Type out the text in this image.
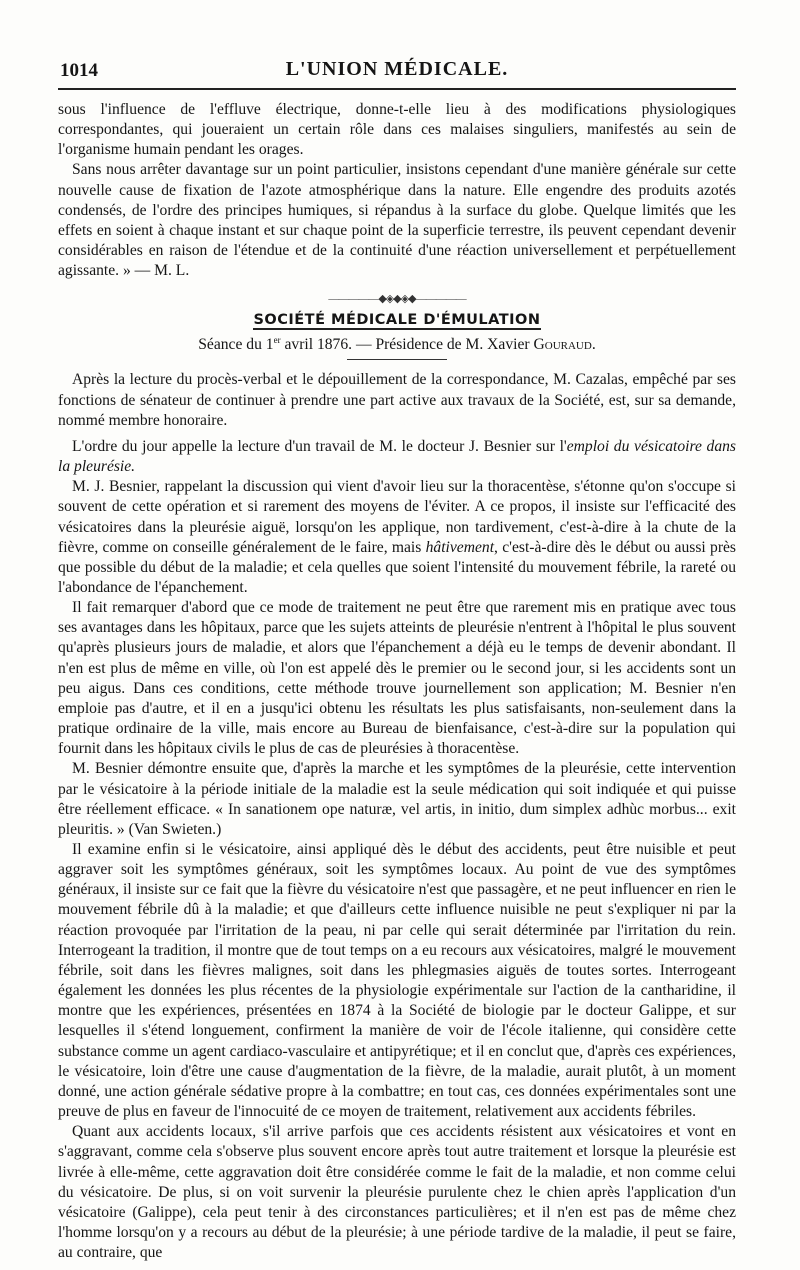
1014	L'UNION MÉDICALE.

sous l'influence de l'effluve électrique, donne-t-elle lieu à des modifications physiologiques correspondantes, qui joueraient un certain rôle dans ces malaises singuliers, manifestés au sein de l'organisme humain pendant les orages.

Sans nous arrêter davantage sur un point particulier, insistons cependant d'une manière générale sur cette nouvelle cause de fixation de l'azote atmosphérique dans la nature. Elle engendre des produits azotés condensés, de l'ordre des principes humiques, si répandus à la surface du globe. Quelque limités que les effets en soient à chaque instant et sur chaque point de la superficie terrestre, ils peuvent cependant devenir considérables en raison de l'étendue et de la continuité d'une réaction universellement et perpétuellement agissante. » — M. L.

—————◆◈◆◈◆—————
SOCIÉTÉ MÉDICALE D'ÉMULATION
Séance du 1er avril 1876. — Présidence de M. Xavier Gouraud.

Après la lecture du procès-verbal et le dépouillement de la correspondance, M. Cazalas, empêché par ses fonctions de sénateur de continuer à prendre une part active aux travaux de la Société, est, sur sa demande, nommé membre honoraire.

L'ordre du jour appelle la lecture d'un travail de M. le docteur J. Besnier sur l'emploi du vésicatoire dans la pleurésie.

M. J. Besnier, rappelant la discussion qui vient d'avoir lieu sur la thoracentèse, s'étonne qu'on s'occupe si souvent de cette opération et si rarement des moyens de l'éviter. A ce propos, il insiste sur l'efficacité des vésicatoires dans la pleurésie aiguë, lorsqu'on les applique, non tardivement, c'est-à-dire à la chute de la fièvre, comme on conseille généralement de le faire, mais hâtivement, c'est-à-dire dès le début ou aussi près que possible du début de la maladie; et cela quelles que soient l'intensité du mouvement fébrile, la rareté ou l'abondance de l'épanchement.

Il fait remarquer d'abord que ce mode de traitement ne peut être que rarement mis en pratique avec tous ses avantages dans les hôpitaux, parce que les sujets atteints de pleurésie n'entrent à l'hôpital le plus souvent qu'après plusieurs jours de maladie, et alors que l'épanchement a déjà eu le temps de devenir abondant. Il n'en est plus de même en ville, où l'on est appelé dès le premier ou le second jour, si les accidents sont un peu aigus. Dans ces conditions, cette méthode trouve journellement son application; M. Besnier n'en emploie pas d'autre, et il en a jusqu'ici obtenu les résultats les plus satisfaisants, non-seulement dans la pratique ordinaire de la ville, mais encore au Bureau de bienfaisance, c'est-à-dire sur la population qui fournit dans les hôpitaux civils le plus de cas de pleurésies à thoracentèse.

M. Besnier démontre ensuite que, d'après la marche et les symptômes de la pleurésie, cette intervention par le vésicatoire à la période initiale de la maladie est la seule médication qui soit indiquée et qui puisse être réellement efficace. « In sanationem ope naturæ, vel artis, in initio, dum simplex adhùc morbus... exit pleuritis. » (Van Swieten.)

Il examine enfin si le vésicatoire, ainsi appliqué dès le début des accidents, peut être nuisible et peut aggraver soit les symptômes généraux, soit les symptômes locaux. Au point de vue des symptômes généraux, il insiste sur ce fait que la fièvre du vésicatoire n'est que passagère, et ne peut influencer en rien le mouvement fébrile dû à la maladie; et que d'ailleurs cette influence nuisible ne peut s'expliquer ni par la réaction provoquée par l'irritation de la peau, ni par celle qui serait déterminée par l'irritation du rein. Interrogeant la tradition, il montre que de tout temps on a eu recours aux vésicatoires, malgré le mouvement fébrile, soit dans les fièvres malignes, soit dans les phlegmasies aiguës de toutes sortes. Interrogeant également les données les plus récentes de la physiologie expérimentale sur l'action de la cantharidine, il montre que les expériences, présentées en 1874 à la Société de biologie par le docteur Galippe, et sur lesquelles il s'étend longuement, confirment la manière de voir de l'école italienne, qui considère cette substance comme un agent cardiaco-vasculaire et antipyrétique; et il en conclut que, d'après ces expériences, le vésicatoire, loin d'être une cause d'augmentation de la fièvre, de la maladie, aurait plutôt, à un moment donné, une action générale sédative propre à la combattre; en tout cas, ces données expérimentales sont une preuve de plus en faveur de l'innocuité de ce moyen de traitement, relativement aux accidents fébriles.

Quant aux accidents locaux, s'il arrive parfois que ces accidents résistent aux vésicatoires et vont en s'aggravant, comme cela s'observe plus souvent encore après tout autre traitement et lorsque la pleurésie est livrée à elle-même, cette aggravation doit être considérée comme le fait de la maladie, et non comme celui du vésicatoire. De plus, si on voit survenir la pleurésie purulente chez le chien après l'application d'un vésicatoire (Galippe), cela peut tenir à des circonstances particulières; et il n'en est pas de même chez l'homme lorsqu'on y a recours au début de la pleurésie; à une période tardive de la maladie, il peut se faire, au contraire, que
